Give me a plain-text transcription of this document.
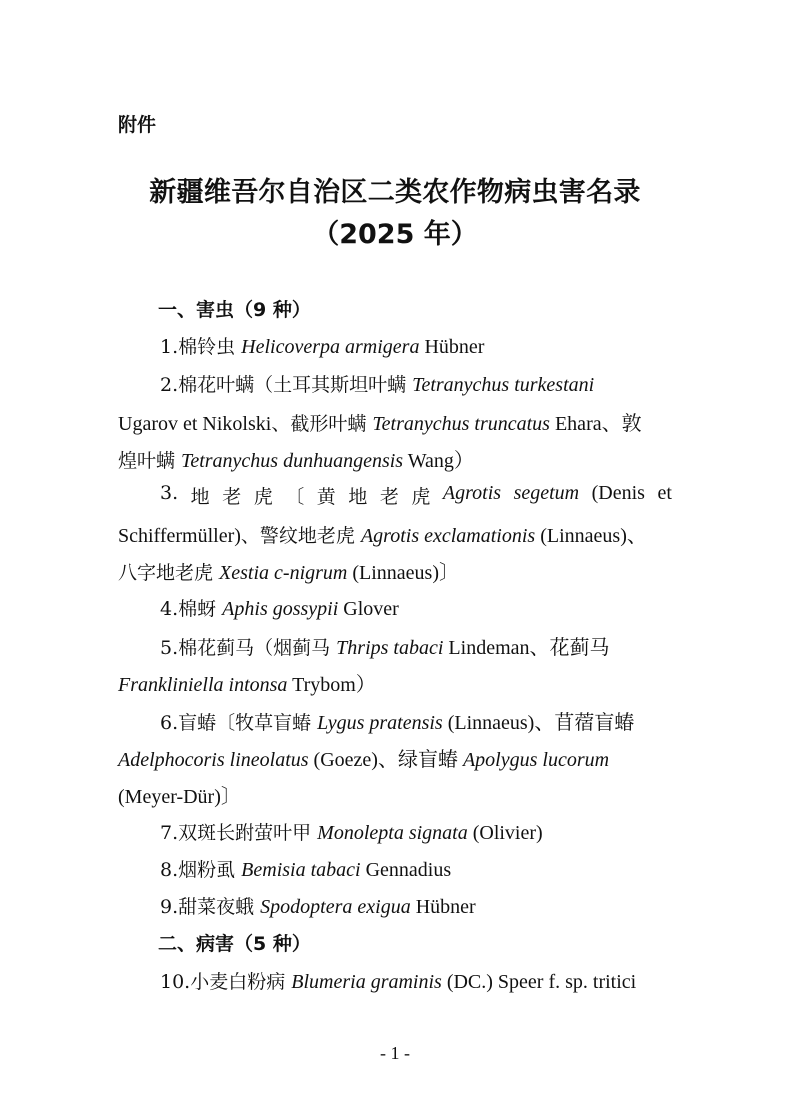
附件
新疆维吾尔自治区二类农作物病虫害名录
（2025 年）
一、害虫（9 种）
1.棉铃虫 Helicoverpa armigera Hübner
2.棉花叶螨（土耳其斯坦叶螨 Tetranychus turkestani
Ugarov et Nikolski、截形叶螨 Tetranychus truncatus Ehara、敦
煌叶螨 Tetranychus dunhuangensis Wang）
3. 地 老 虎 〔 黄 地 老 虎 Agrotis segetum (Denis et
Schiffermüller)、警纹地老虎 Agrotis exclamationis (Linnaeus)、
八字地老虎 Xestia c-nigrum (Linnaeus)〕
4.棉蚜 Aphis gossypii Glover
5.棉花蓟马（烟蓟马 Thrips tabaci Lindeman、花蓟马
Frankliniella intonsa Trybom）
6.盲蝽〔牧草盲蝽 Lygus pratensis (Linnaeus)、苜蓿盲蝽
Adelphocoris lineolatus (Goeze)、绿盲蝽 Apolygus lucorum
(Meyer-Dür)〕
7.双斑长跗萤叶甲 Monolepta signata (Olivier)
8.烟粉虱 Bemisia tabaci Gennadius
9.甜菜夜蛾 Spodoptera exigua Hübner
二、病害（5 种）
10.小麦白粉病 Blumeria graminis (DC.) Speer f. sp. tritici
- 1 -
